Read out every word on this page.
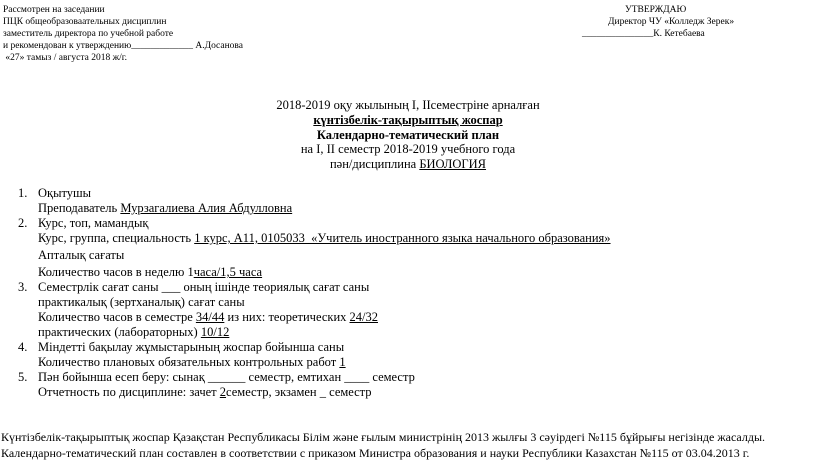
Рассмотрен на заседании
ПЦК общеобразоваательных дисциплин
заместитель директора по учебной работе
и рекомендован к утверждению_____________ А.Досанова
«27» тамыз / августа 2018 ж/г.
УТВЕРЖДАЮ
Директор ЧУ «Колледж Зерек»
_______________К. Кетебаева
2018-2019 оқу жылының І, ІІсеместріне арналған
күнтізбелік-тақырыптық жоспар
Календарно-тематический план
на І, ІІ семестр 2018-2019 учебного года
пән/дисциплина БИОЛОГИЯ
1. Оқытушы
Преподаватель Мурзагалиева Алия Абдулловна
2. Курс, топ, мамандық
Курс, группа, специальность 1 курс, А11, 0105033  «Учитель иностранного языка начального образования»
Апталық сағаты
Количество часов в неделю 1часа/1,5 часа
3. Семестрлік сағат саны ___ оның ішінде теориялық сағат саны
практикалық (зертханалық) сағат саны
Количество часов в семестре 34/44 из них: теоретических 24/32
практических (лабораторных) 10/12
4. Міндетті бақылау жұмыстарының жоспар бойынша саны
Количество плановых обязательных контрольных работ 1
5. Пән бойынша есеп беру: сынақ ______ семестр, емтихан ____ семестр
Отчетность по дисциплине: зачет 2семестр, экзамен _ семестр
Күнтізбелік-тақырыптық жоспар Қазақстан Республикасы Білім және ғылым министрінің 2013 жылғы 3 сәуірдегі №115 бұйрығы негізінде жасалды.
Календарно-тематический план составлен в соответствии с приказом Министра образования и науки Республики Казахстан №115 от 03.04.2013 г.
